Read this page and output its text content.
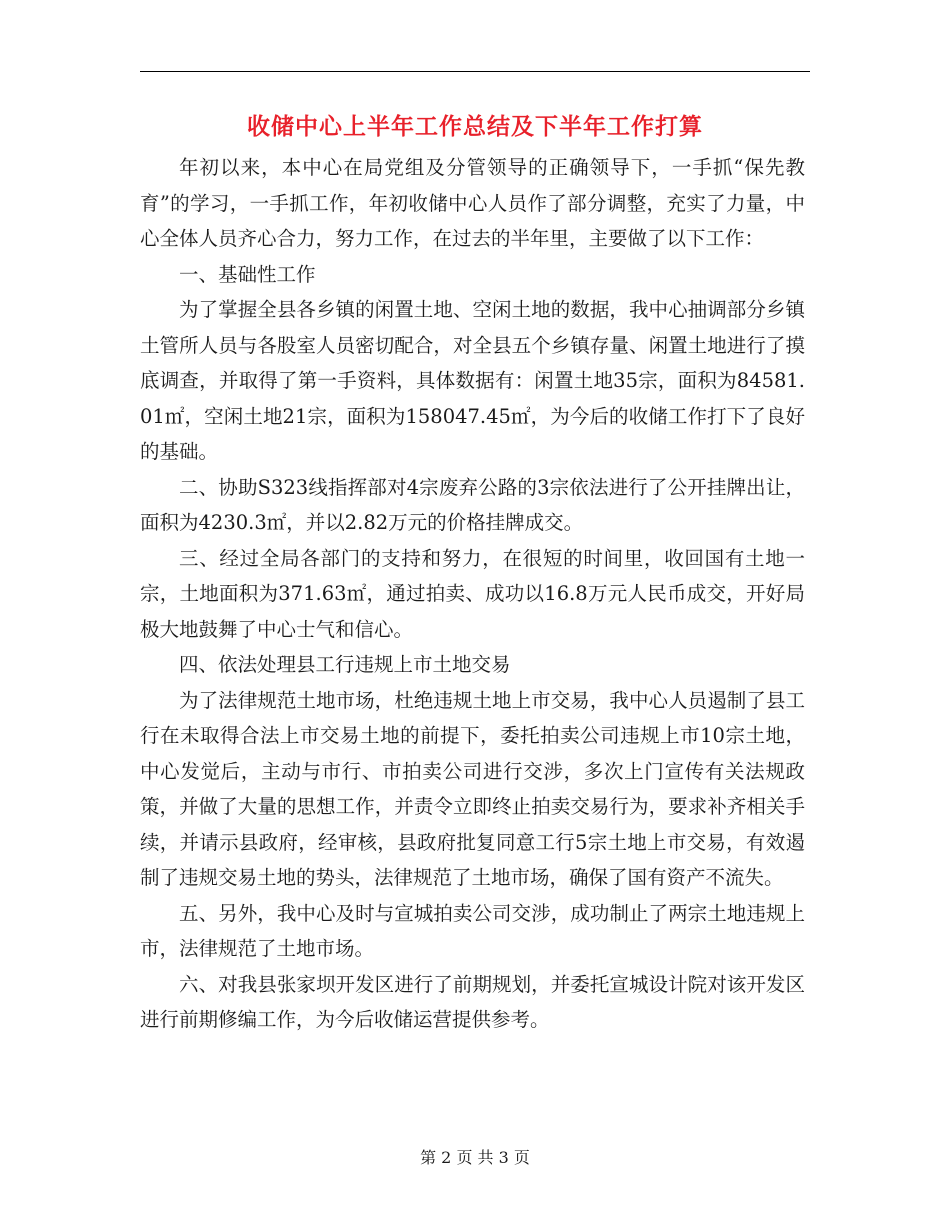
收储中心上半年工作总结及下半年工作打算

年初以来，本中心在局党组及分管领导的正确领导下，一手抓“保先教育”的学习，一手抓工作，年初收储中心人员作了部分调整，充实了力量，中心全体人员齐心合力，努力工作，在过去的半年里，主要做了以下工作：

一、基础性工作

为了掌握全县各乡镇的闲置土地、空闲土地的数据，我中心抽调部分乡镇土管所人员与各股室人员密切配合，对全县五个乡镇存量、闲置土地进行了摸底调查，并取得了第一手资料，具体数据有：闲置土地35宗，面积为84581.01㎡，空闲土地21宗，面积为158047.45㎡，为今后的收储工作打下了良好的基础。

二、协助S323线指挥部对4宗废弃公路的3宗依法进行了公开挂牌出让，面积为4230.3㎡，并以2.82万元的价格挂牌成交。

三、经过全局各部门的支持和努力，在很短的时间里，收回国有土地一宗，土地面积为371.63㎡，通过拍卖、成功以16.8万元人民币成交，开好局极大地鼓舞了中心士气和信心。

四、依法处理县工行违规上市土地交易

为了法律规范土地市场，杜绝违规土地上市交易，我中心人员遏制了县工行在未取得合法上市交易土地的前提下，委托拍卖公司违规上市10宗土地，中心发觉后，主动与市行、市拍卖公司进行交涉，多次上门宣传有关法规政策，并做了大量的思想工作，并责令立即终止拍卖交易行为，要求补齐相关手续，并请示县政府，经审核，县政府批复同意工行5宗土地上市交易，有效遏制了违规交易土地的势头，法律规范了土地市场，确保了国有资产不流失。

五、另外，我中心及时与宣城拍卖公司交涉，成功制止了两宗土地违规上市，法律规范了土地市场。

六、对我县张家坝开发区进行了前期规划，并委托宣城设计院对该开发区进行前期修编工作，为今后收储运营提供参考。

第 2 页 共 3 页
